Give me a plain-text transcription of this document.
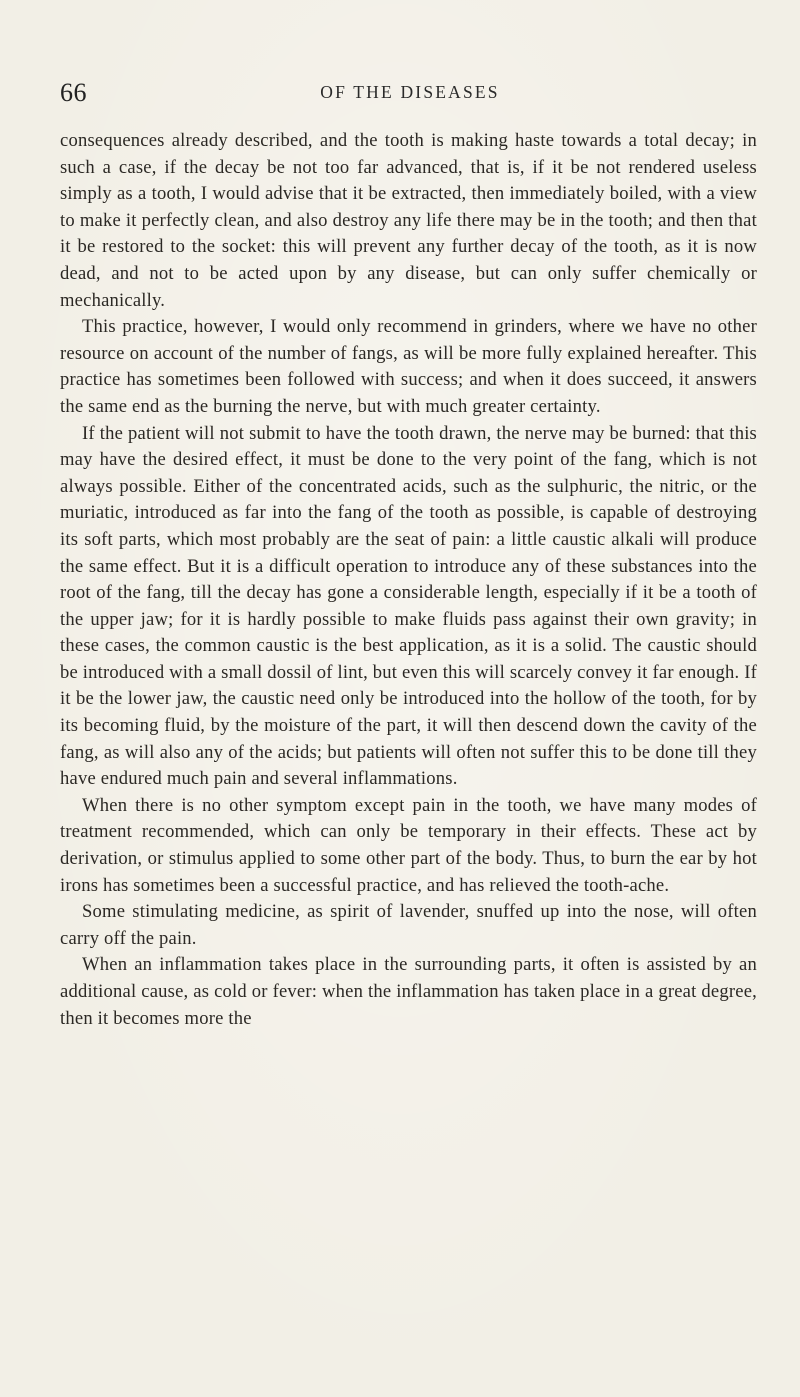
66	OF THE DISEASES

consequences already described, and the tooth is making haste towards a total decay; in such a case, if the decay be not too far advanced, that is, if it be not rendered useless simply as a tooth, I would advise that it be extracted, then immediately boiled, with a view to make it perfectly clean, and also destroy any life there may be in the tooth; and then that it be restored to the socket: this will prevent any further decay of the tooth, as it is now dead, and not to be acted upon by any disease, but can only suffer chemically or mechanically.

This practice, however, I would only recommend in grinders, where we have no other resource on account of the number of fangs, as will be more fully explained hereafter. This practice has sometimes been followed with success; and when it does succeed, it answers the same end as the burning the nerve, but with much greater certainty.

If the patient will not submit to have the tooth drawn, the nerve may be burned: that this may have the desired effect, it must be done to the very point of the fang, which is not always possible. Either of the concentrated acids, such as the sulphuric, the nitric, or the muriatic, introduced as far into the fang of the tooth as possible, is capable of destroying its soft parts, which most probably are the seat of pain: a little caustic alkali will produce the same effect. But it is a difficult operation to introduce any of these substances into the root of the fang, till the decay has gone a considerable length, especially if it be a tooth of the upper jaw; for it is hardly possible to make fluids pass against their own gravity; in these cases, the common caustic is the best application, as it is a solid. The caustic should be introduced with a small dossil of lint, but even this will scarcely convey it far enough. If it be the lower jaw, the caustic need only be introduced into the hollow of the tooth, for by its becoming fluid, by the moisture of the part, it will then descend down the cavity of the fang, as will also any of the acids; but patients will often not suffer this to be done till they have endured much pain and several inflammations.

When there is no other symptom except pain in the tooth, we have many modes of treatment recommended, which can only be temporary in their effects. These act by derivation, or stimulus applied to some other part of the body. Thus, to burn the ear by hot irons has sometimes been a successful practice, and has relieved the tooth-ache.

Some stimulating medicine, as spirit of lavender, snuffed up into the nose, will often carry off the pain.

When an inflammation takes place in the surrounding parts, it often is assisted by an additional cause, as cold or fever: when the inflammation has taken place in a great degree, then it becomes more the
